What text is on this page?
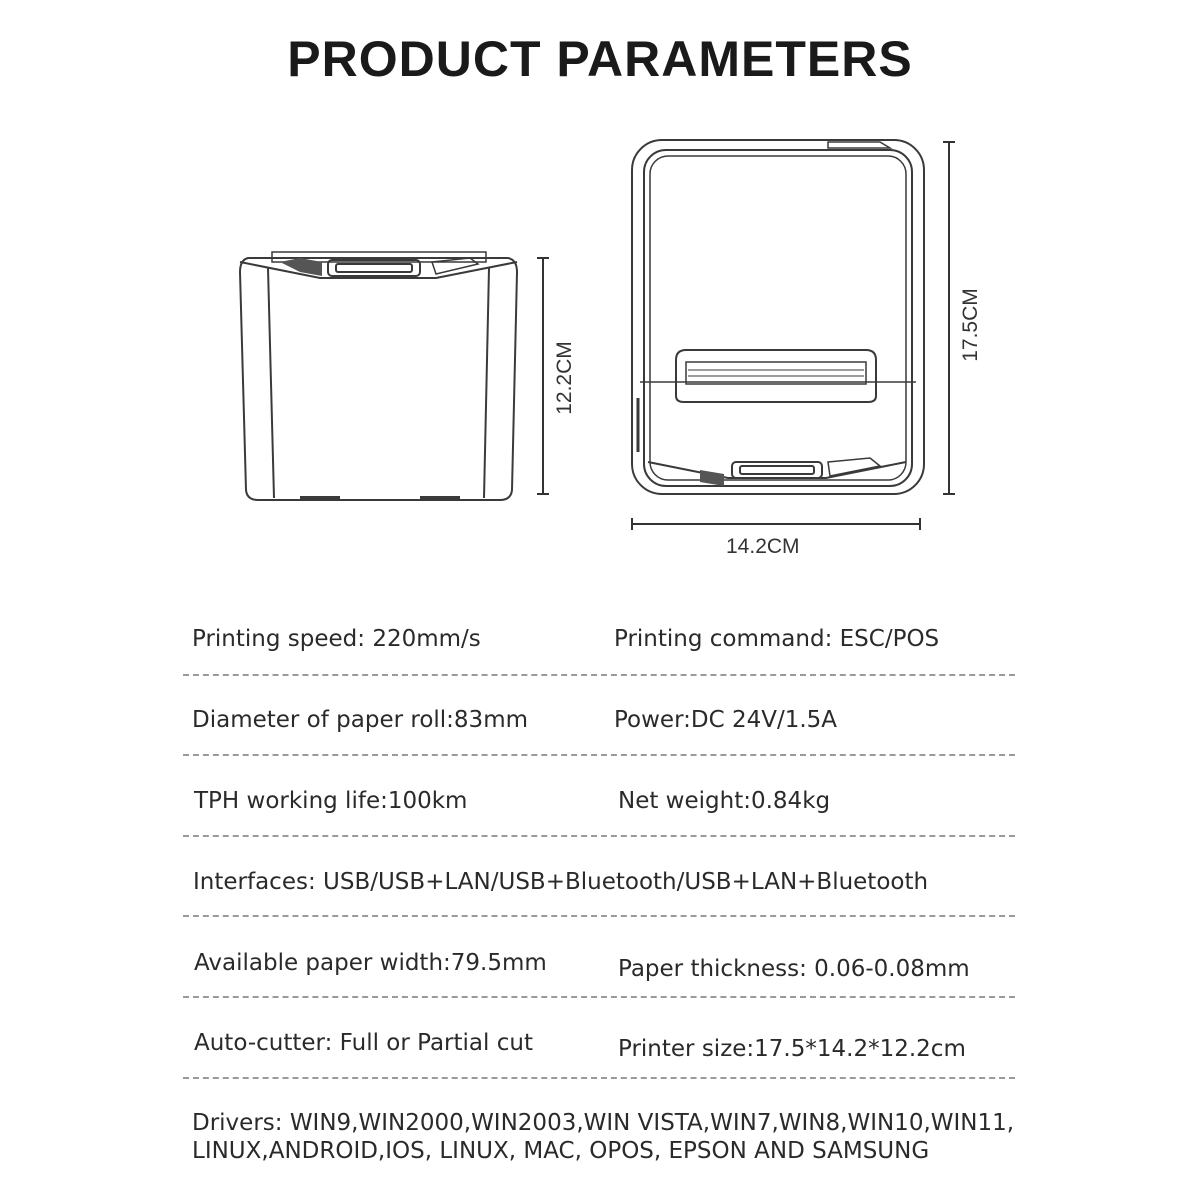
PRODUCT PARAMETERS
12.2CM
17.5CM
14.2CM
Printing speed: 220mm/s	Printing command: ESC/POS
Diameter of paper roll:83mm	Power:DC 24V/1.5A
TPH working life:100km	Net weight:0.84kg
Interfaces: USB/USB+LAN/USB+Bluetooth/USB+LAN+Bluetooth
Available paper width:79.5mm	Paper thickness: 0.06-0.08mm
Auto-cutter: Full or Partial cut	Printer size:17.5*14.2*12.2cm
Drivers: WIN9,WIN2000,WIN2003,WIN VISTA,WIN7,WIN8,WIN10,WIN11,
LINUX,ANDROID,IOS, LINUX, MAC, OPOS, EPSON AND SAMSUNG
